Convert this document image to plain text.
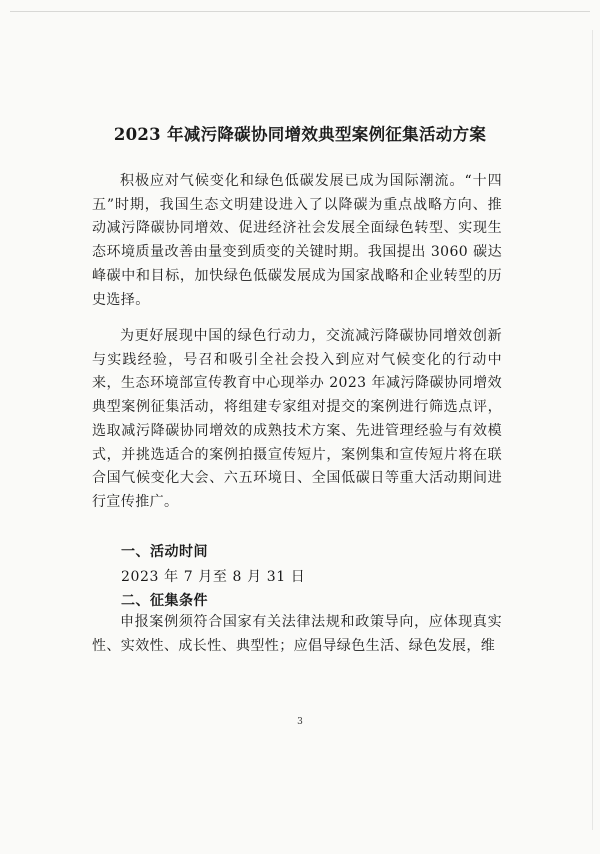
2023 年减污降碳协同增效典型案例征集活动方案
积极应对气候变化和绿色低碳发展已成为国际潮流。“十四五”时期，我国生态文明建设进入了以降碳为重点战略方向、推动减污降碳协同增效、促进经济社会发展全面绿色转型、实现生态环境质量改善由量变到质变的关键时期。我国提出 3060 碳达峰碳中和目标，加快绿色低碳发展成为国家战略和企业转型的历史选择。
为更好展现中国的绿色行动力，交流减污降碳协同增效创新与实践经验，号召和吸引全社会投入到应对气候变化的行动中来，生态环境部宣传教育中心现举办 2023 年减污降碳协同增效典型案例征集活动，将组建专家组对提交的案例进行筛选点评，选取减污降碳协同增效的成熟技术方案、先进管理经验与有效模式，并挑选适合的案例拍摄宣传短片，案例集和宣传短片将在联合国气候变化大会、六五环境日、全国低碳日等重大活动期间进行宣传推广。
一、活动时间
2023 年 7 月至 8 月 31 日
二、征集条件
申报案例须符合国家有关法律法规和政策导向，应体现真实性、实效性、成长性、典型性；应倡导绿色生活、绿色发展，维
3
